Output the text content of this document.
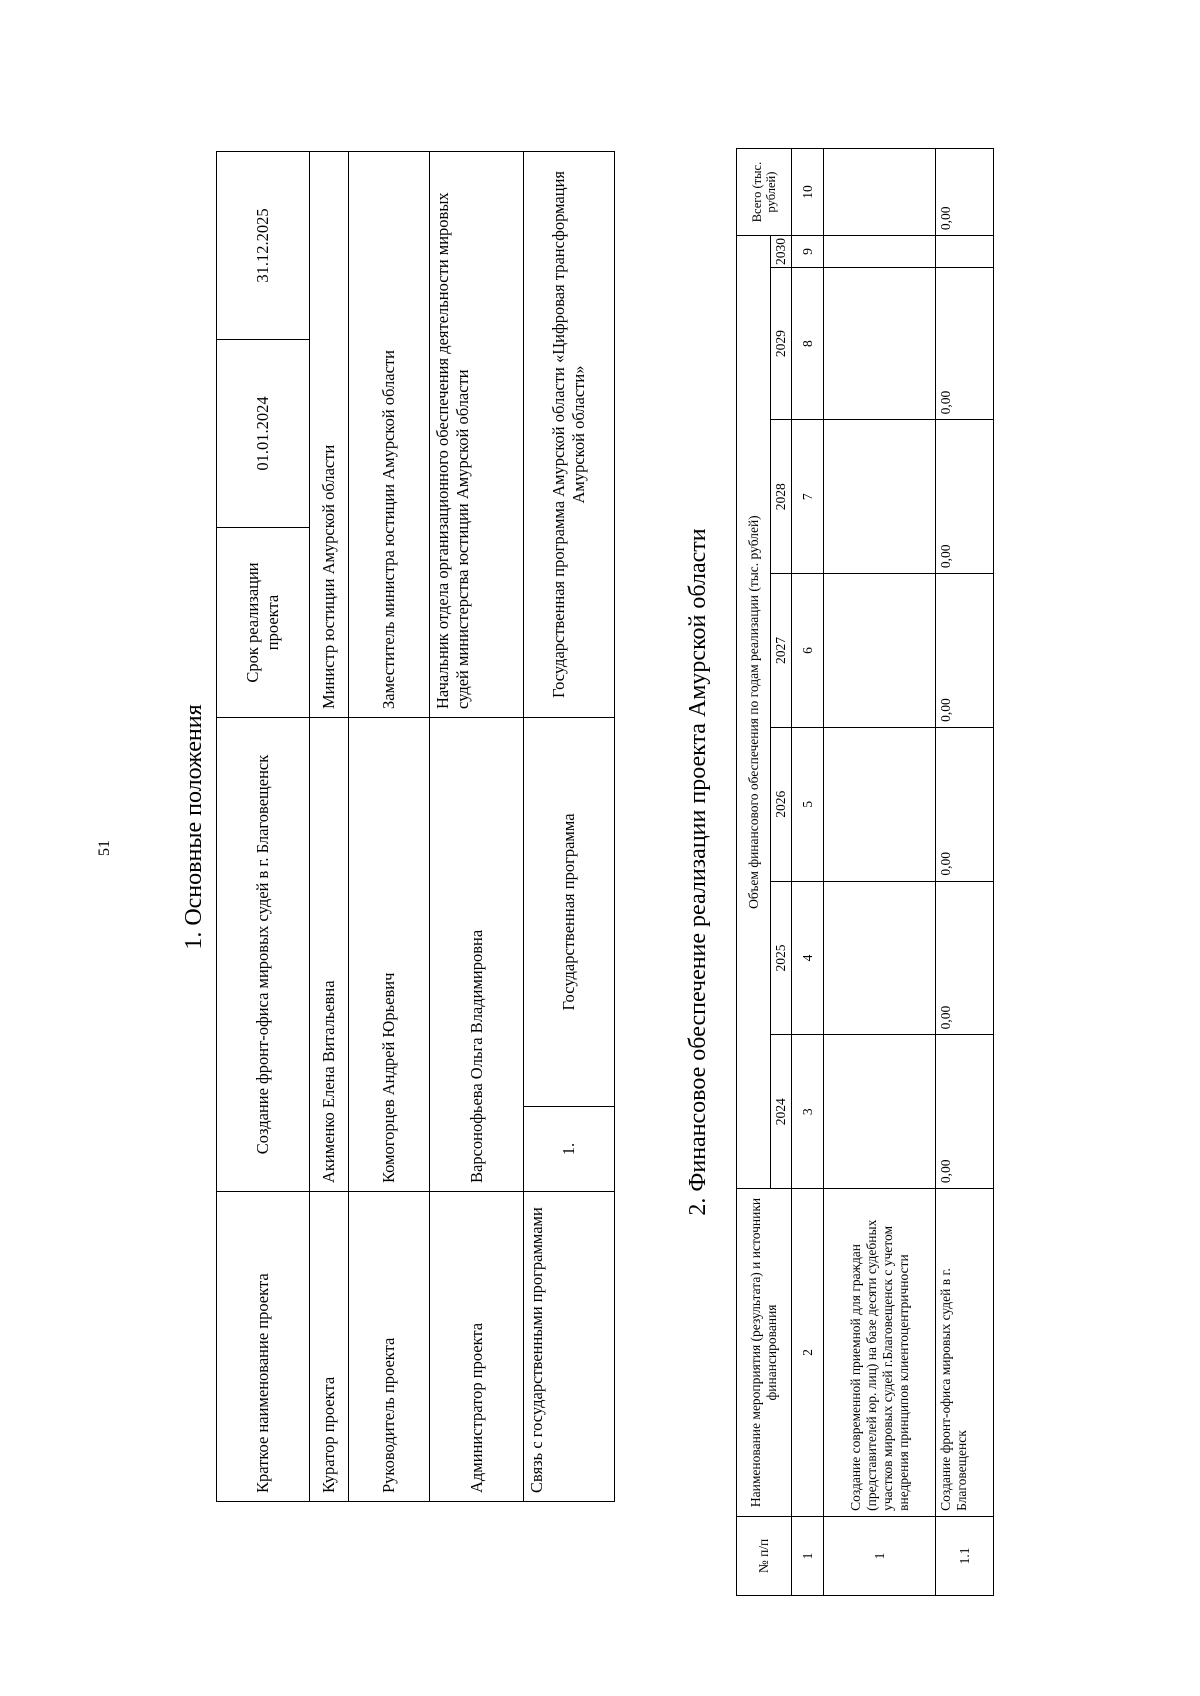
51	1. Основные положения
Краткое наименование проекта	Создание фронт-офиса мировых судей в г. Благовещенск		Срок реализации проекта	01.01.2024	31.12.2025
Куратор проекта	Акименко Елена Витальевна		Министр юстиции Амурской области		
Руководитель проекта	Комогорцев Андрей Юрьевич		Заместитель министра юстиции Амурской области		
Администратор проекта	Варсонофьева Ольга Владимировна		Начальник отдела организационного обеспечения деятельности мировых судей министерства юстиции Амурской области		
Связь с государственными программами	1.	Государственная программа	Государственная программа Амурской области «Цифровая трансформация Амурской области»		
2. Финансовое обеспечение реализации проекта Амурской области
№ п/п	Наименование мероприятия (результата) и источники финансирования	Объем финансового обеспечения по годам реализации (тыс. рублей)							Всего (тыс. рублей)
		2024	2025	2026	2027	2028	2029	2030	
1	2	3	4	5	6	7	8	9	10
1	Создание современной приемной для граждан (представителей юр. лиц) на базе десяти судебных участков мировых судей г.Благовещенск с учетом внедрения принципов клиентоцентричности								
1.1	Создание фронт-офиса мировых судей в г. Благовещенск	0,00	0,00	0,00	0,00	0,00	0,00		0,00
